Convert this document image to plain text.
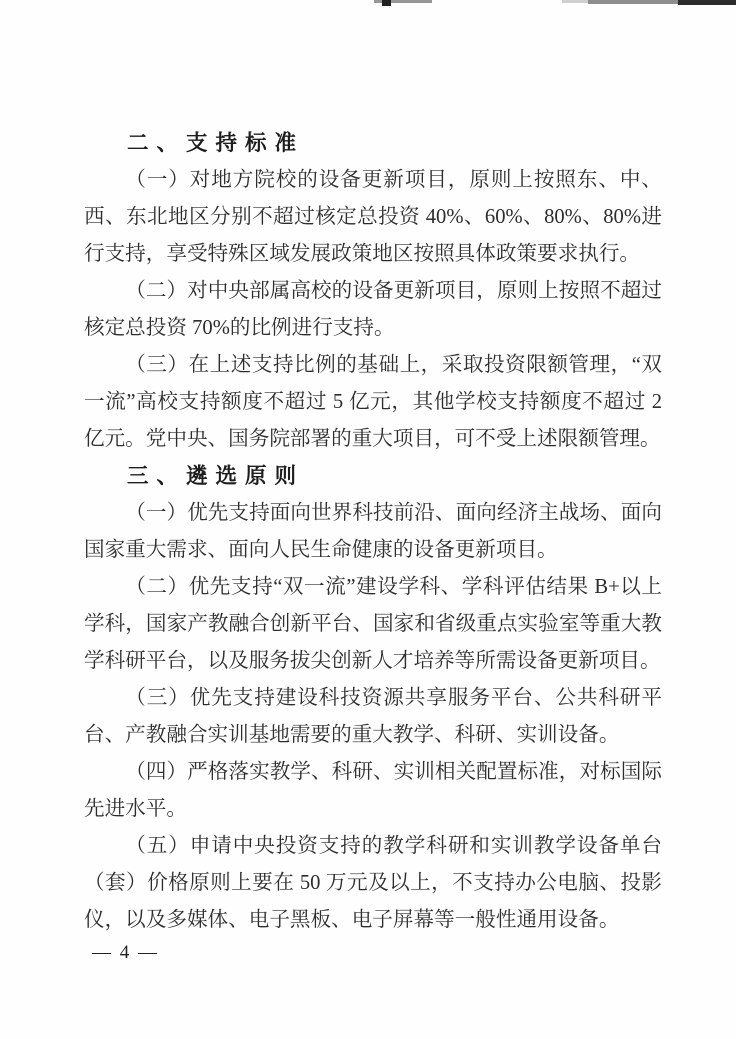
二、支持标准

（一）对地方院校的设备更新项目，原则上按照东、中、西、东北地区分别不超过核定总投资 40%、60%、80%、80%进行支持，享受特殊区域发展政策地区按照具体政策要求执行。

（二）对中央部属高校的设备更新项目，原则上按照不超过核定总投资 70%的比例进行支持。

（三）在上述支持比例的基础上，采取投资限额管理，“双一流”高校支持额度不超过 5 亿元，其他学校支持额度不超过 2 亿元。党中央、国务院部署的重大项目，可不受上述限额管理。

三、遴选原则

（一）优先支持面向世界科技前沿、面向经济主战场、面向国家重大需求、面向人民生命健康的设备更新项目。

（二）优先支持“双一流”建设学科、学科评估结果 B+以上学科，国家产教融合创新平台、国家和省级重点实验室等重大教学科研平台，以及服务拔尖创新人才培养等所需设备更新项目。

（三）优先支持建设科技资源共享服务平台、公共科研平台、产教融合实训基地需要的重大教学、科研、实训设备。

（四）严格落实教学、科研、实训相关配置标准，对标国际先进水平。

（五）申请中央投资支持的教学科研和实训教学设备单台（套）价格原则上要在 50 万元及以上，不支持办公电脑、投影仪，以及多媒体、电子黑板、电子屏幕等一般性通用设备。

— 4 —
